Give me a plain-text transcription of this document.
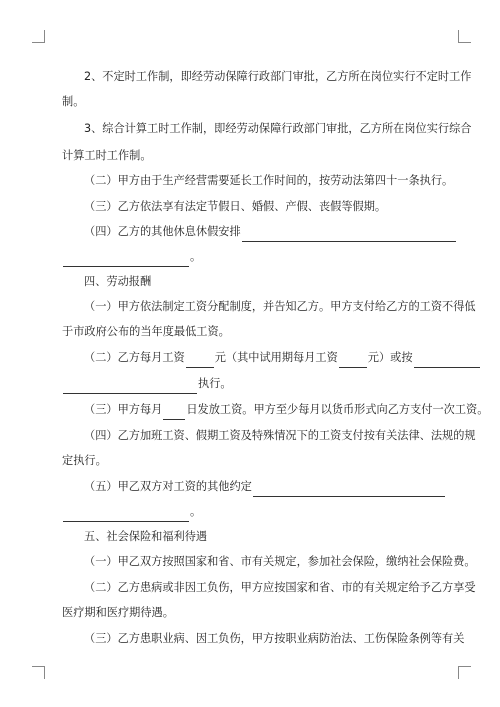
2、不定时工作制，即经劳动保障行政部门审批，乙方所在岗位实行不定时工作
制。
3、综合计算工时工作制，即经劳动保障行政部门审批，乙方所在岗位实行综合
计算工时工作制。
（二）甲方由于生产经营需要延长工作时间的，按劳动法第四十一条执行。
（三）乙方依法享有法定节假日、婚假、产假、丧假等假期。
（四）乙方的其他休息休假安排
。
四、劳动报酬
（一）甲方依法制定工资分配制度，并告知乙方。甲方支付给乙方的工资不得低
于市政府公布的当年度最低工资。
（二）乙方每月工资	元（其中试用期每月工资	元）或按
执行。
（三）甲方每月 日发放工资。甲方至少每月以货币形式向乙方支付一次工资。
（四）乙方加班工资、假期工资及特殊情况下的工资支付按有关法律、法规的规
定执行。
（五）甲乙双方对工资的其他约定
。
五、社会保险和福利待遇
（一）甲乙双方按照国家和省、市有关规定，参加社会保险，缴纳社会保险费。
（二）乙方患病或非因工负伤，甲方应按国家和省、市的有关规定给予乙方享受
医疗期和医疗期待遇。
（三）乙方患职业病、因工负伤，甲方按职业病防治法、工伤保险条例等有关
